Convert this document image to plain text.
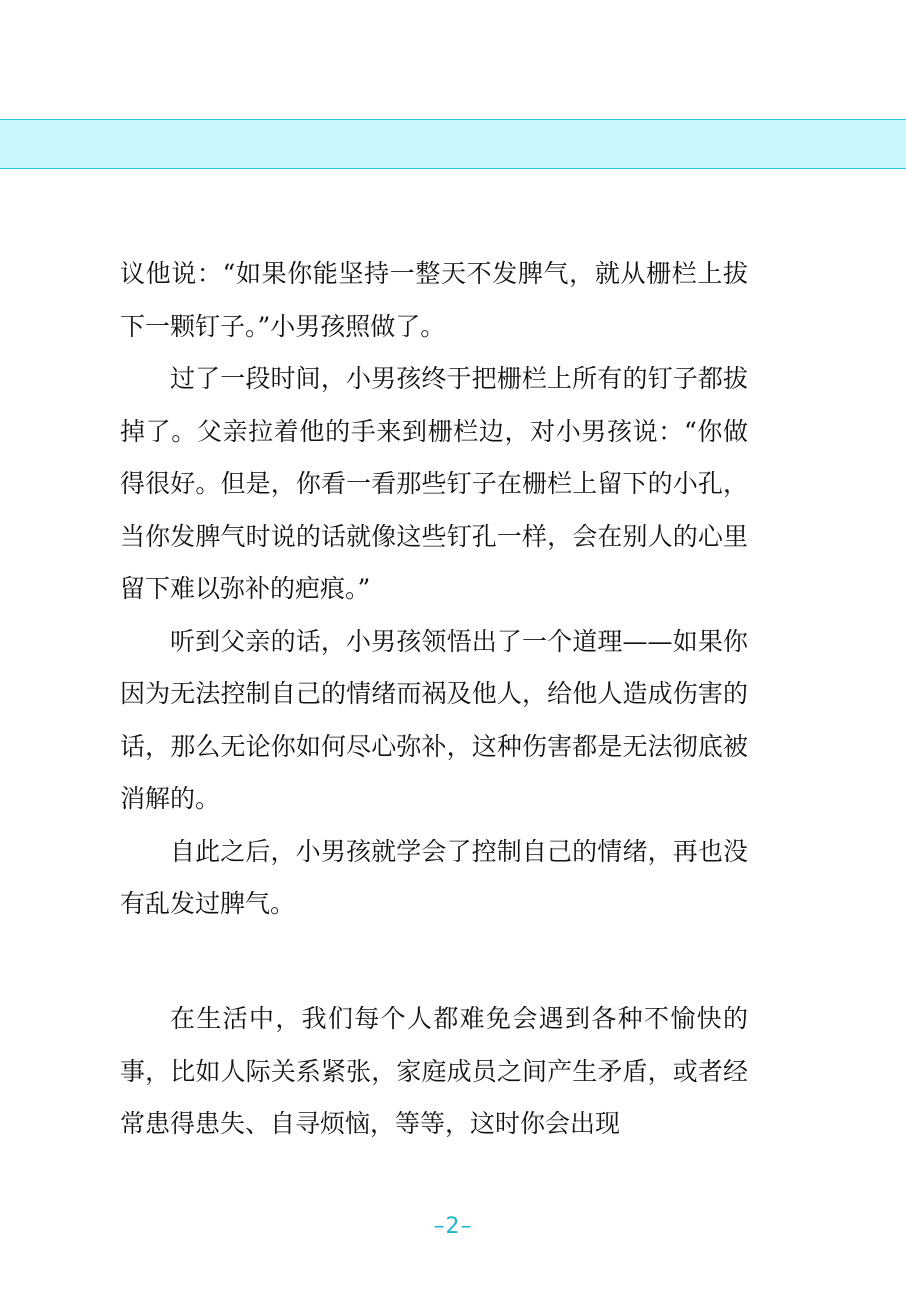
议他说：“如果你能坚持一整天不发脾气，就从栅栏上拔下一颗钉子。”小男孩照做了。

过了一段时间，小男孩终于把栅栏上所有的钉子都拔掉了。父亲拉着他的手来到栅栏边，对小男孩说：“你做得很好。但是，你看一看那些钉子在栅栏上留下的小孔，当你发脾气时说的话就像这些钉孔一样，会在别人的心里留下难以弥补的疤痕。”

听到父亲的话，小男孩领悟出了一个道理——如果你因为无法控制自己的情绪而祸及他人，给他人造成伤害的话，那么无论你如何尽心弥补，这种伤害都是无法彻底被消解的。

自此之后，小男孩就学会了控制自己的情绪，再也没有乱发过脾气。

在生活中，我们每个人都难免会遇到各种不愉快的事，比如人际关系紧张，家庭成员之间产生矛盾，或者经常患得患失、自寻烦恼，等等，这时你会出现

–2–
